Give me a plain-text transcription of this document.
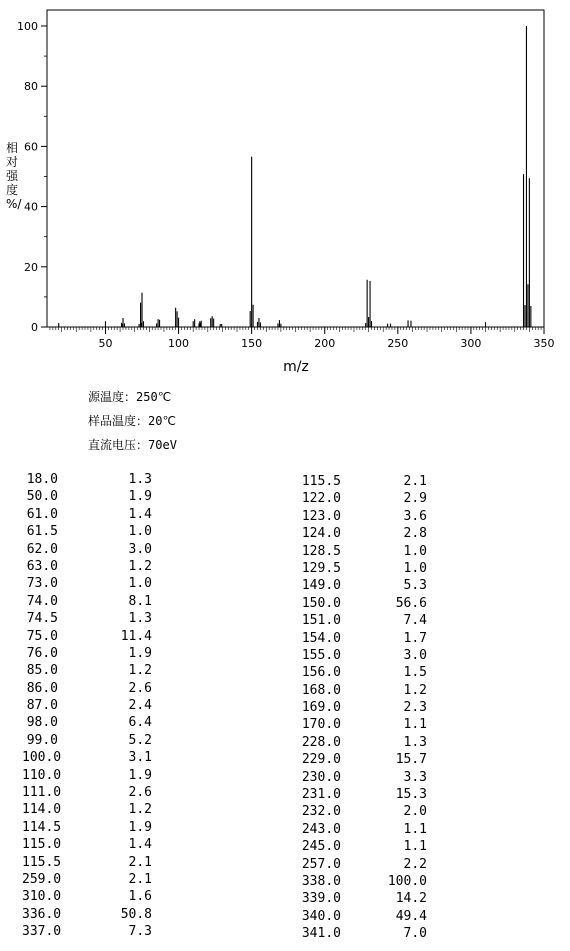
50	100	150	200	250	300	350
0
20
40
60
80
100
m/z
相对强度%/
源温度：250℃
样品温度：20℃
直流电压：70eV
18.0	1.3
50.0	1.9
61.0	1.4
61.5	1.0
62.0	3.0
63.0	1.2
73.0	1.0
74.0	8.1
74.5	1.3
75.0	11.4
76.0	1.9
85.0	1.2
86.0	2.6
87.0	2.4
98.0	6.4
99.0	5.2
100.0	3.1
110.0	1.9
111.0	2.6
114.0	1.2
114.5	1.9
115.0	1.4
115.5	2.1
259.0	2.1
310.0	1.6
336.0	50.8
337.0	7.3
115.5	2.1
122.0	2.9
123.0	3.6
124.0	2.8
128.5	1.0
129.5	1.0
149.0	5.3
150.0	56.6
151.0	7.4
154.0	1.7
155.0	3.0
156.0	1.5
168.0	1.2
169.0	2.3
170.0	1.1
228.0	1.3
229.0	15.7
230.0	3.3
231.0	15.3
232.0	2.0
243.0	1.1
245.0	1.1
257.0	2.2
338.0	100.0
339.0	14.2
340.0	49.4
341.0	7.0
